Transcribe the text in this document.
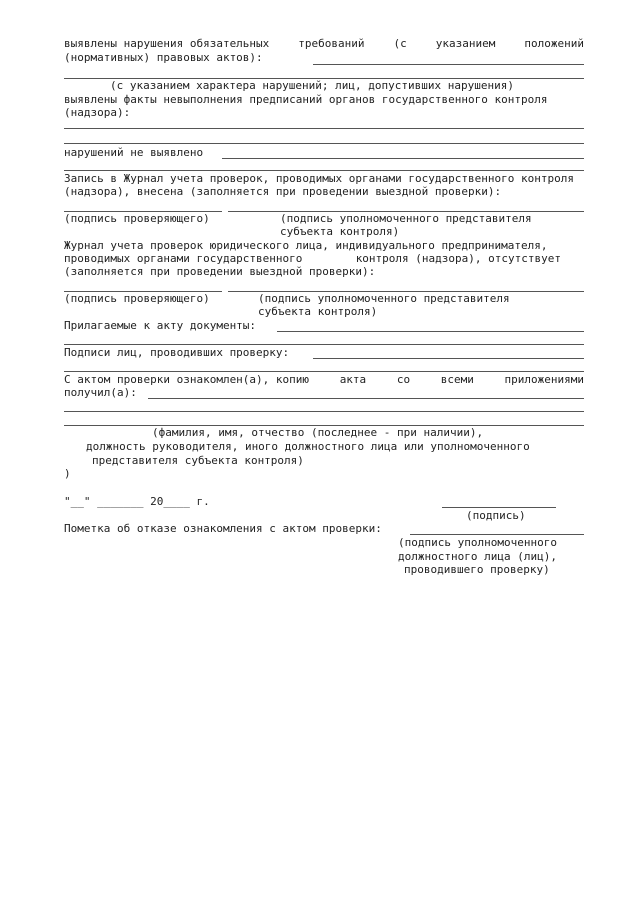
выявлены нарушения обязательных	требований	(с	указанием	положений
(нормативных) правовых актов):
(с указанием характера нарушений; лиц, допустивших нарушения)
выявлены факты невыполнения предписаний органов государственного контроля
(надзора):
нарушений не выявлено
Запись в Журнал учета проверок, проводимых органами государственного контроля
(надзора), внесена (заполняется при проведении выездной проверки):
(подпись проверяющего)	(подпись уполномоченного представителя
субъекта контроля)
Журнал учета проверок юридического лица, индивидуального предпринимателя,
проводимых органами государственного	контроля (надзора), отсутствует
(заполняется при проведении выездной проверки):
(подпись проверяющего)	(подпись уполномоченного представителя
субъекта контроля)
Прилагаемые к акту документы:
Подписи лиц, проводивших проверку:
С актом проверки ознакомлен(а), копию	акта	со	всеми	приложениями
получил(а):
(фамилия, имя, отчество (последнее - при наличии),
должность руководителя, иного должностного лица или уполномоченного
представителя субъекта контроля)
)
"__" _______ 20____ г.
(подпись)
Пометка об отказе ознакомления с актом проверки:
(подпись уполномоченного
должностного лица (лиц),
проводившего проверку)
